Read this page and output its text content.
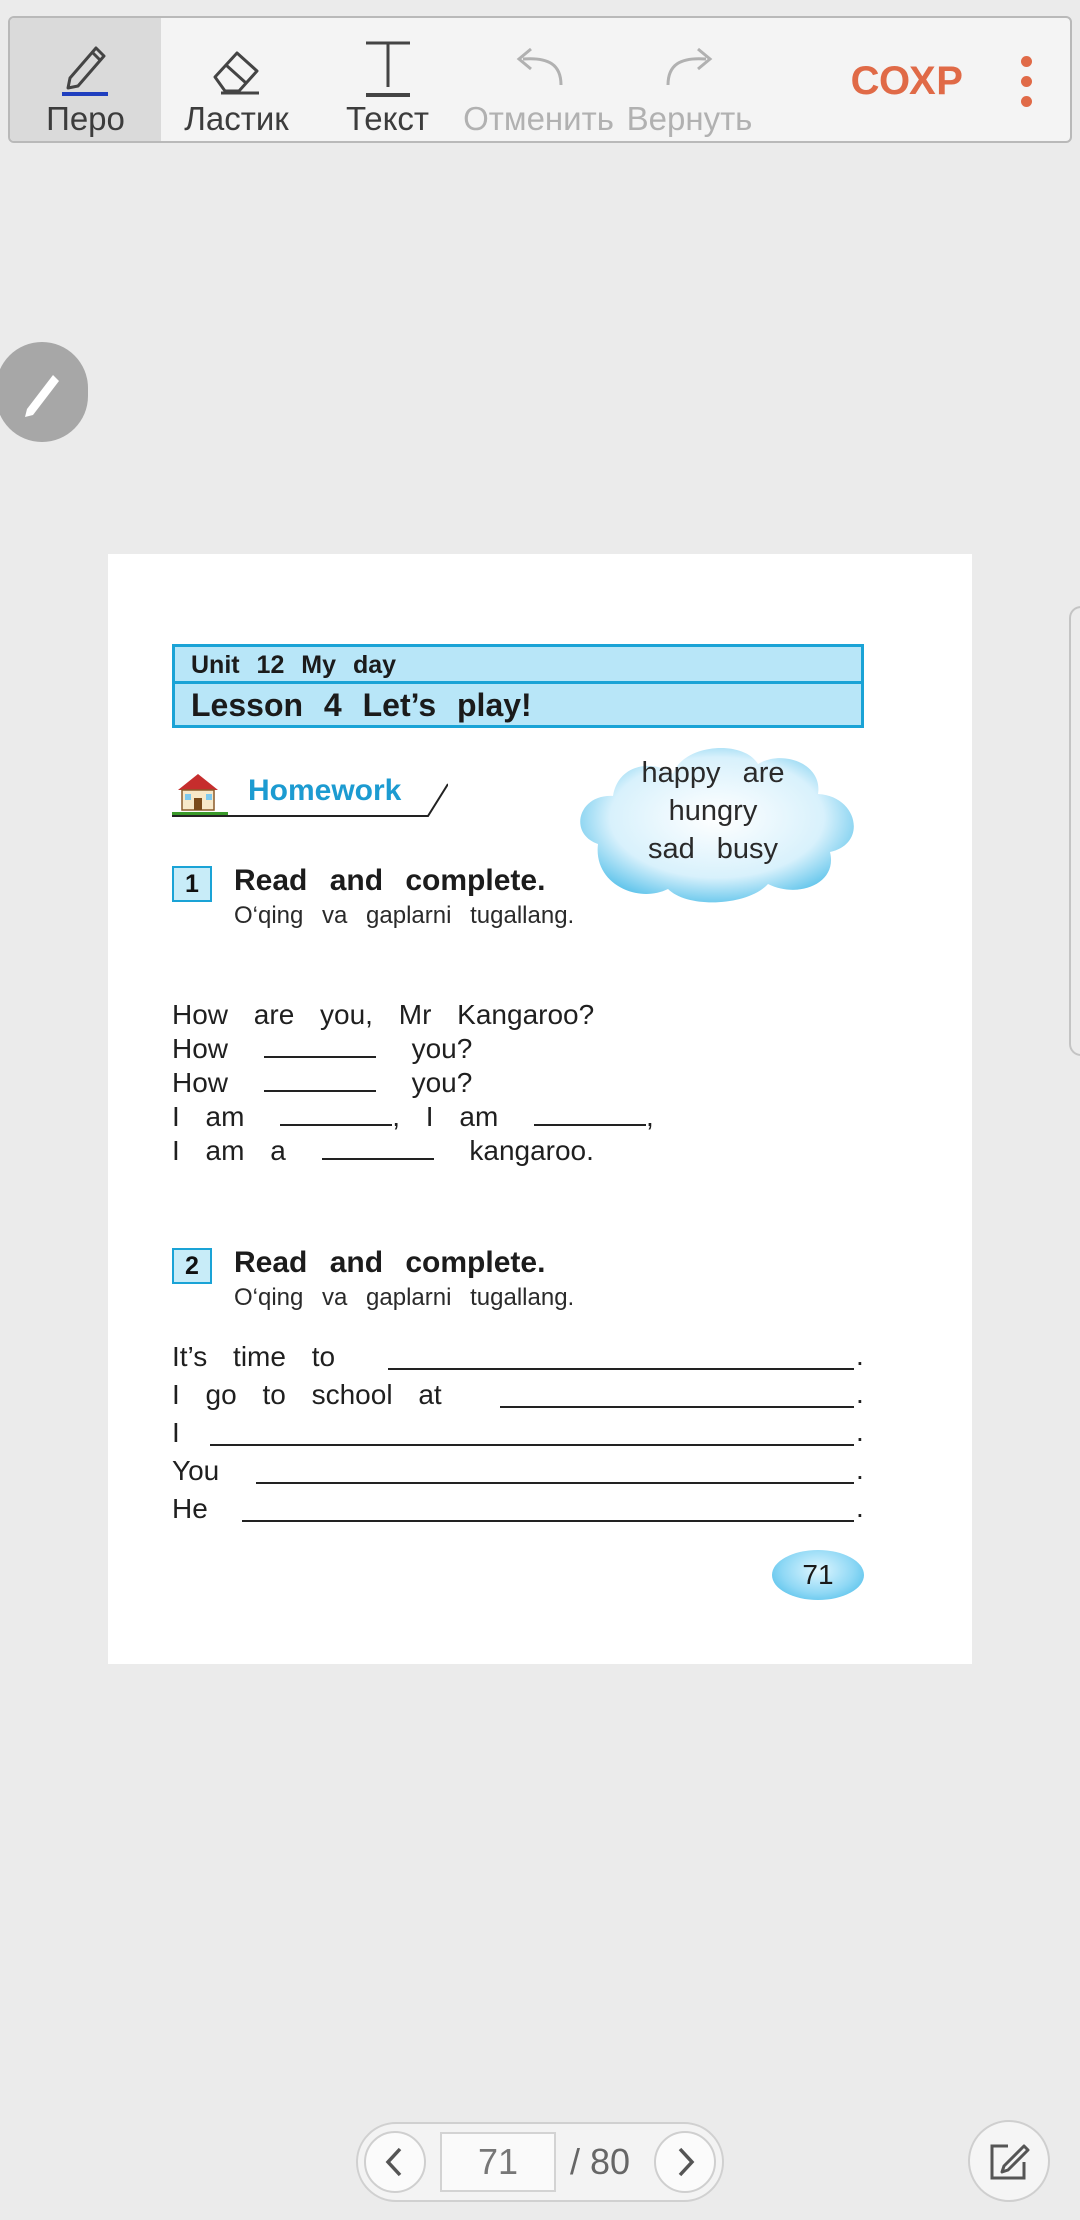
Перо Ластик Текст Отменить Вернуть
СОХР
Unit 12 My day
Lesson 4 Let’s play!
Homework
happy are
hungry
sad busy
1	Read and complete.
O‘qing va gaplarni tugallang.
How are you, Mr Kangaroo?
How	you?
How	you?
I am	, I am	,
I am a	kangaroo.
2	Read and complete.
O‘qing va gaplarni tugallang.
It’s time to	.
I go to school at	.
I	.
You	.
He	.
71
71	/ 80
